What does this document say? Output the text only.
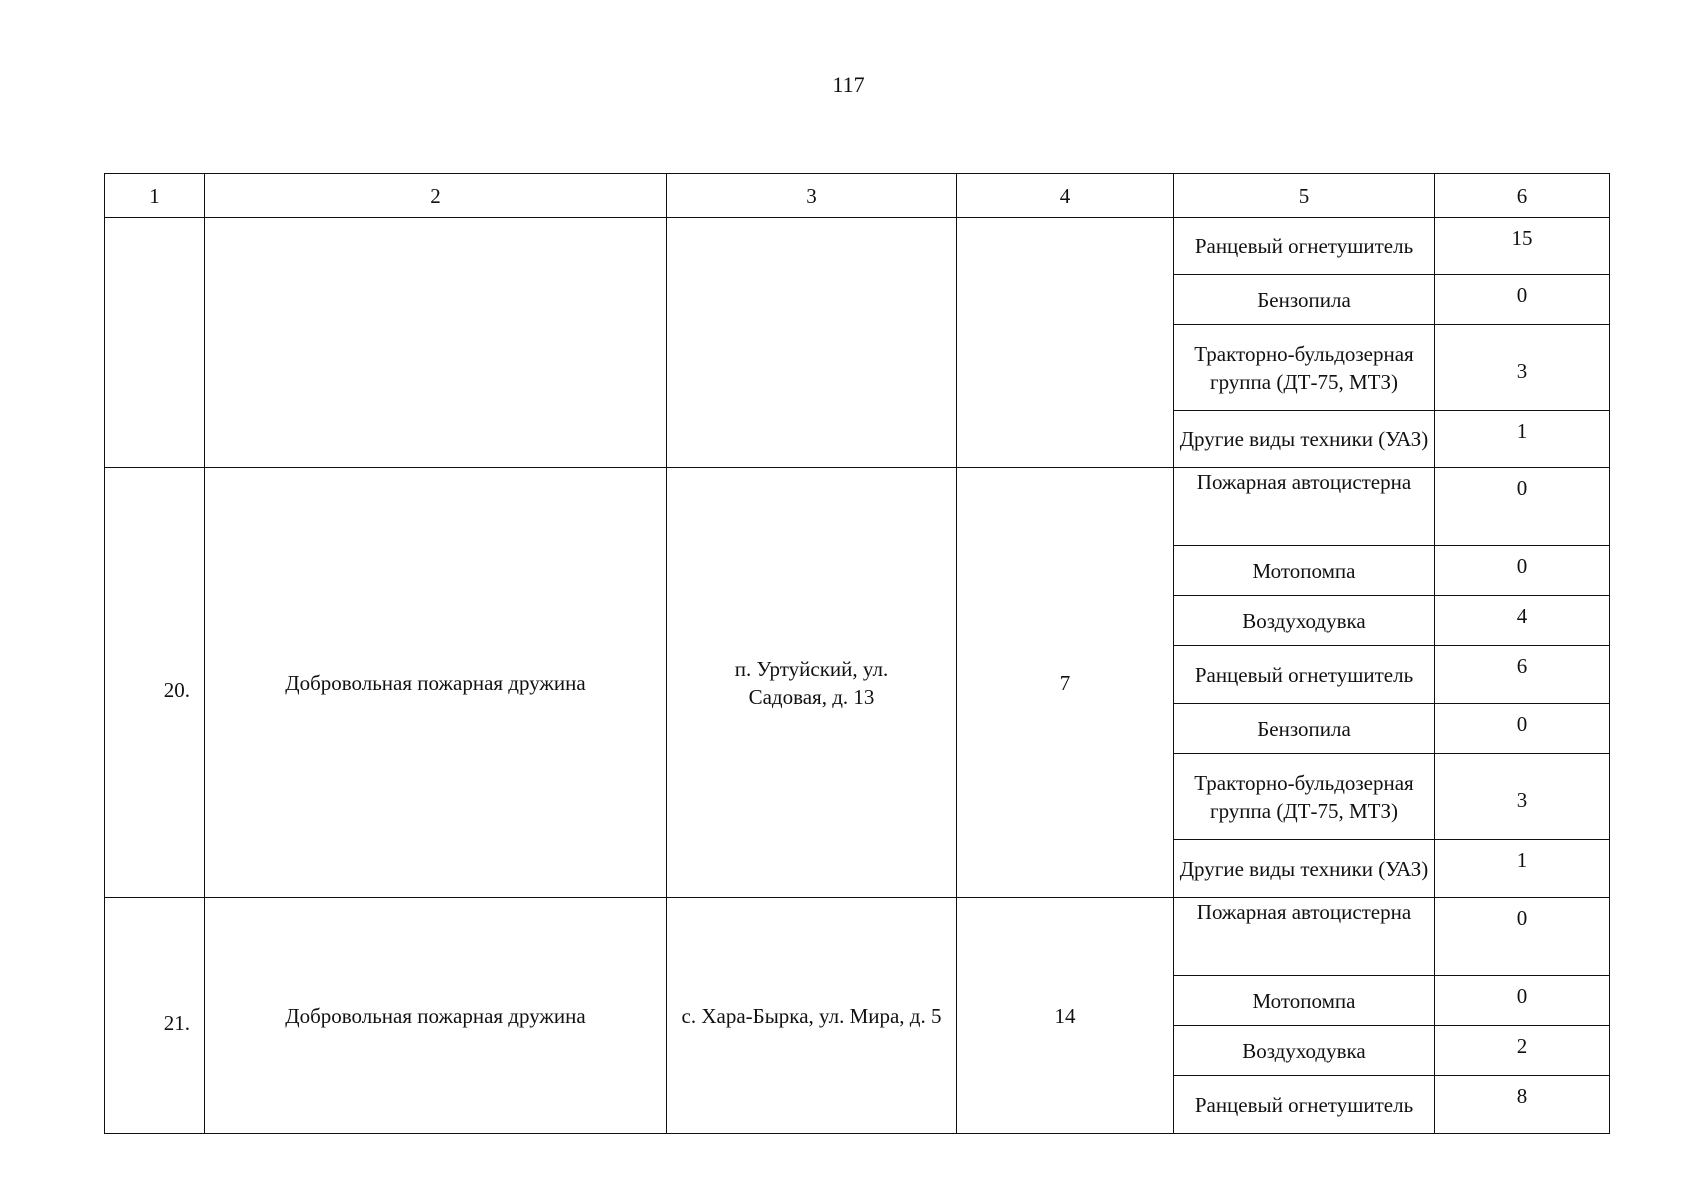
117
1	2	3	4	5	6
				Ранцевый огнетушитель	15
				Бензопила	0
				Тракторно-бульдозерная группа (ДТ-75, МТЗ)	3
				Другие виды техники (УАЗ)	1
20.	Добровольная пожарная дружина	п. Уртуйский, ул. Садовая, д. 13	7	Пожарная автоцистерна	0
				Мотопомпа	0
				Воздуходувка	4
				Ранцевый огнетушитель	6
				Бензопила	0
				Тракторно-бульдозерная группа (ДТ-75, МТЗ)	3
				Другие виды техники (УАЗ)	1
21.	Добровольная пожарная дружина	с. Хара-Бырка, ул. Мира, д. 5	14	Пожарная автоцистерна	0
				Мотопомпа	0
				Воздуходувка	2
				Ранцевый огнетушитель	8
